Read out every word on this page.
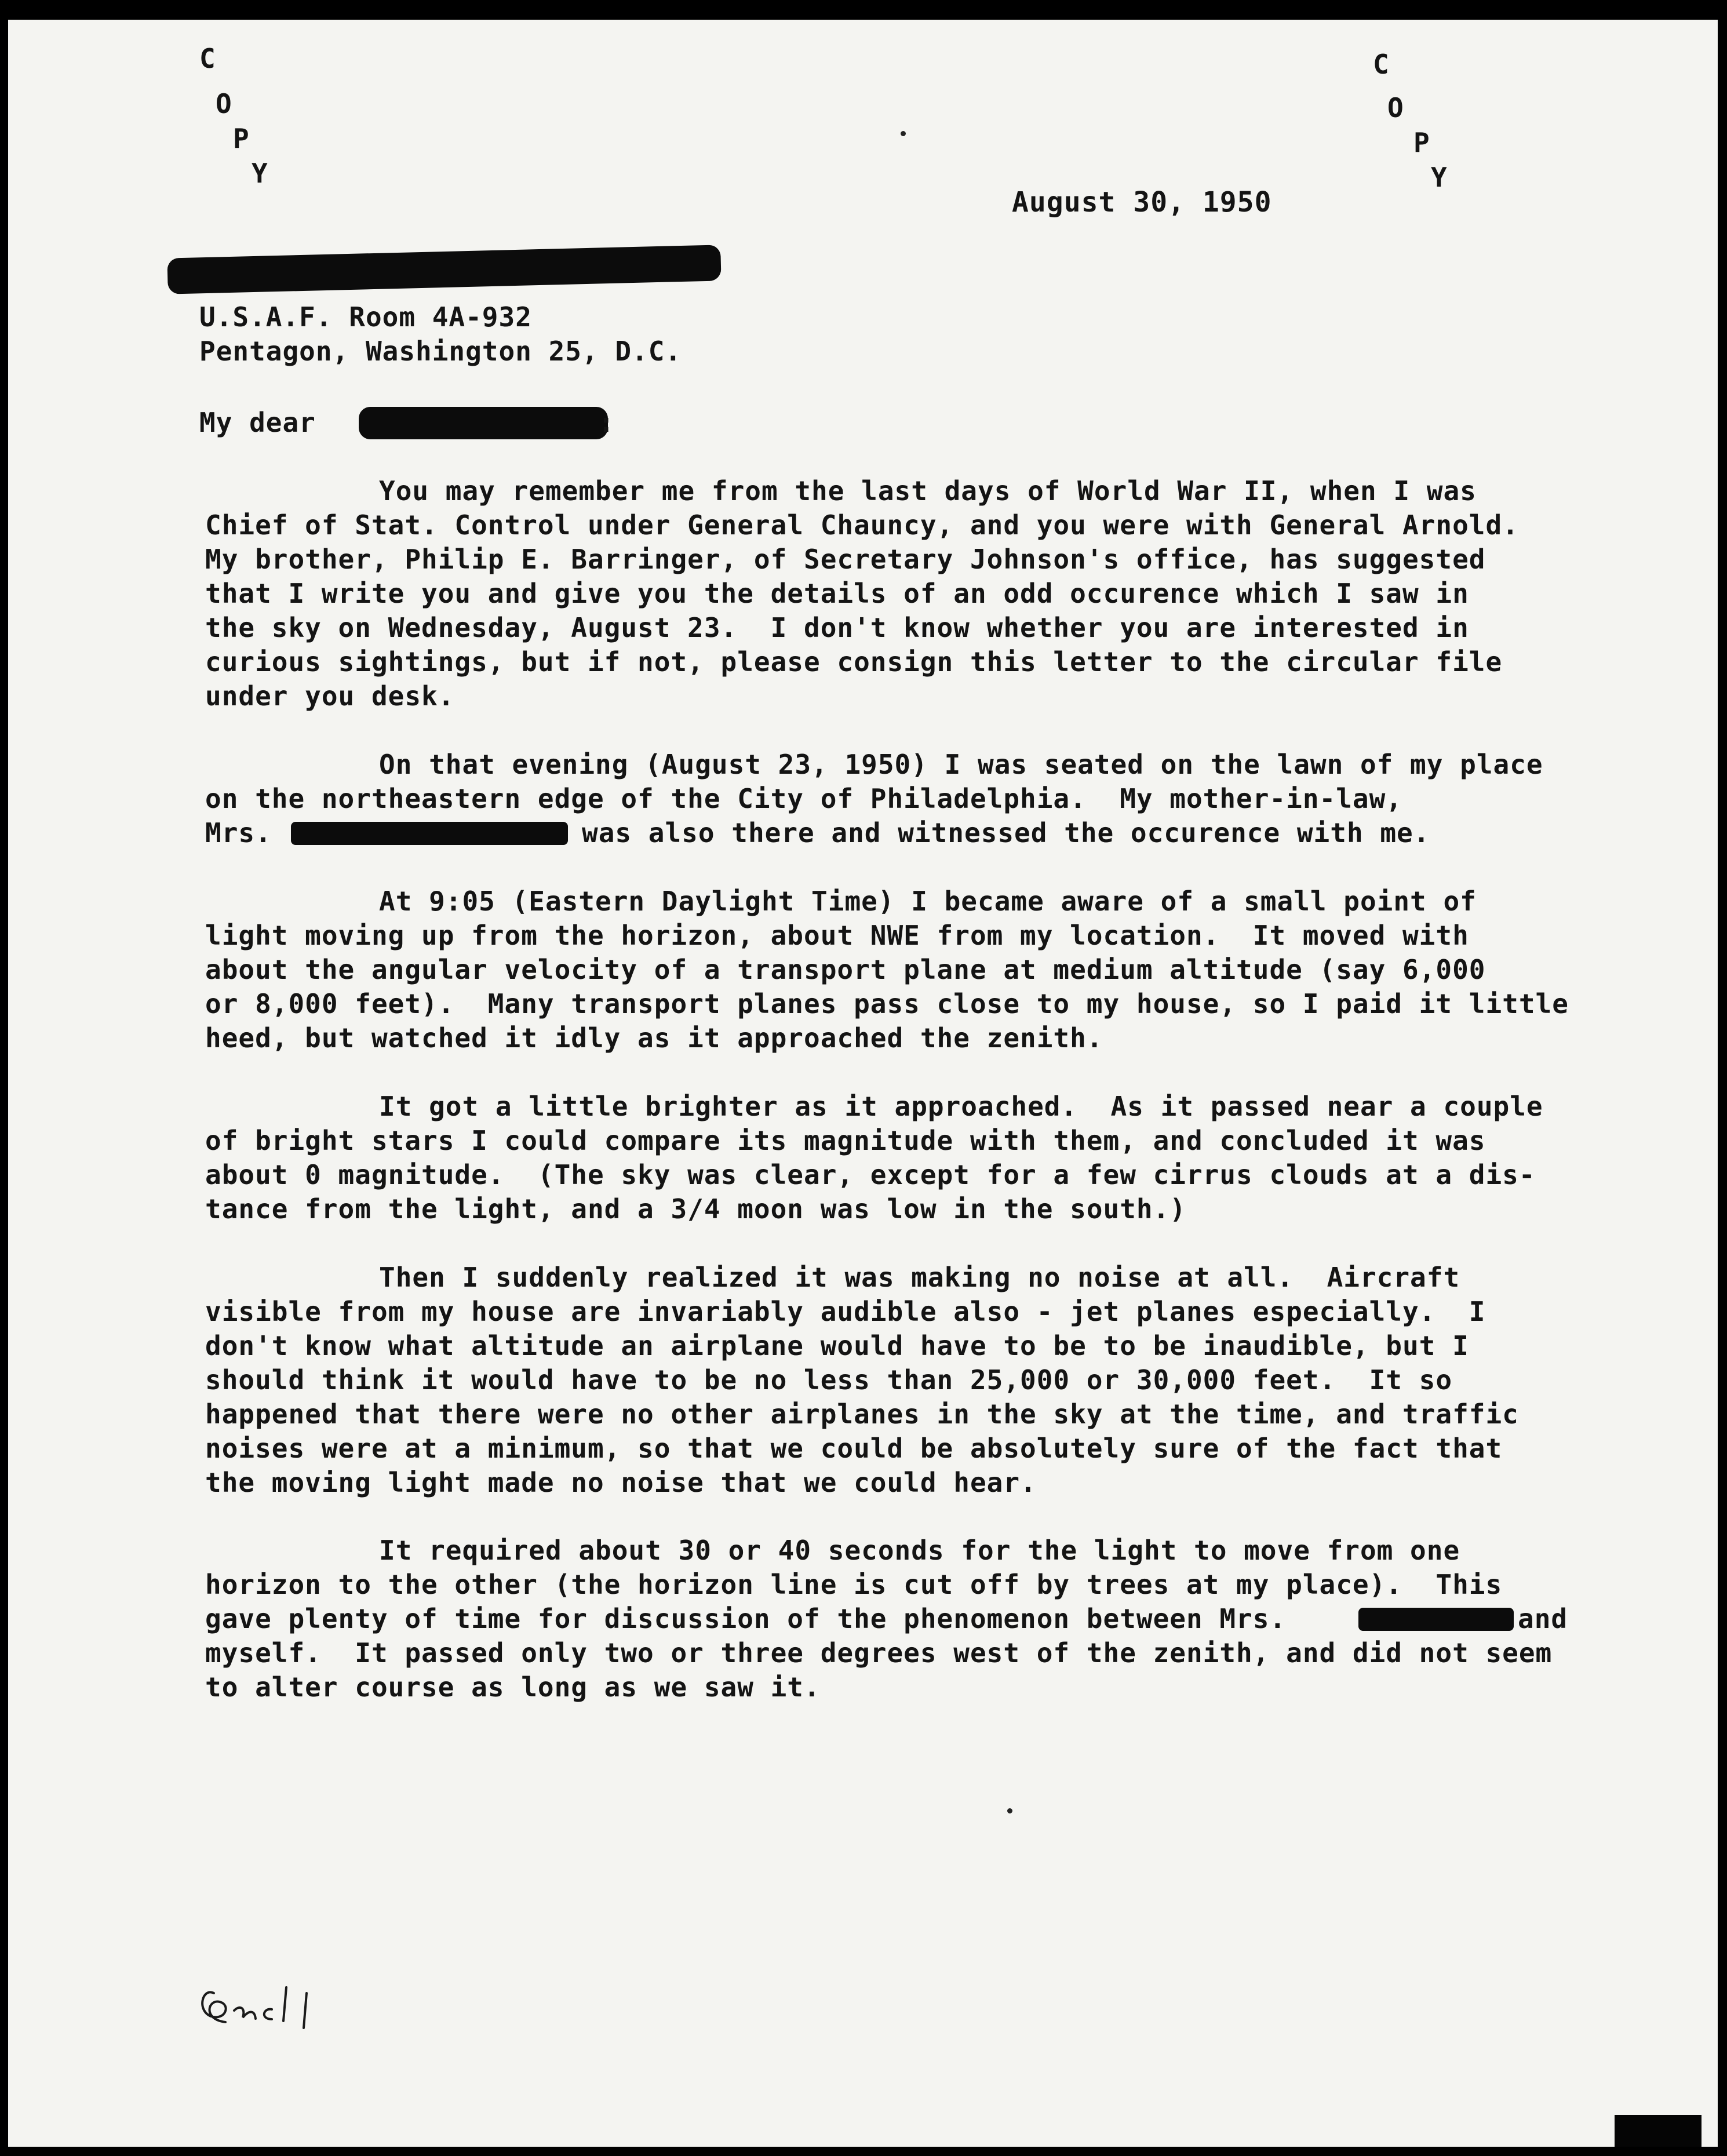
C
O
P
Y
C
O
P
Y
August 30, 1950
U.S.A.F. Room 4A-932
Pentagon, Washington 25, D.C.
My dear	:
You may remember me from the last days of World War II, when I was
Chief of Stat. Control under General Chauncy, and you were with General Arnold.
My brother, Philip E. Barringer, of Secretary Johnson's office, has suggested
that I write you and give you the details of an odd occurence which I saw in
the sky on Wednesday, August 23.  I don't know whether you are interested in
curious sightings, but if not, please consign this letter to the circular file
under you desk.
On that evening (August 23, 1950) I was seated on the lawn of my place
on the northeastern edge of the City of Philadelphia.  My mother-in-law,
Mrs.	was also there and witnessed the occurence with me.
At 9:05 (Eastern Daylight Time) I became aware of a small point of
light moving up from the horizon, about NWE from my location.  It moved with
about the angular velocity of a transport plane at medium altitude (say 6,000
or 8,000 feet).  Many transport planes pass close to my house, so I paid it little
heed, but watched it idly as it approached the zenith.
It got a little brighter as it approached.  As it passed near a couple
of bright stars I could compare its magnitude with them, and concluded it was
about 0 magnitude.  (The sky was clear, except for a few cirrus clouds at a dis-
tance from the light, and a 3/4 moon was low in the south.)
Then I suddenly realized it was making no noise at all.  Aircraft
visible from my house are invariably audible also - jet planes especially.  I
don't know what altitude an airplane would have to be to be inaudible, but I
should think it would have to be no less than 25,000 or 30,000 feet.  It so
happened that there were no other airplanes in the sky at the time, and traffic
noises were at a minimum, so that we could be absolutely sure of the fact that
the moving light made no noise that we could hear.
It required about 30 or 40 seconds for the light to move from one
horizon to the other (the horizon line is cut off by trees at my place).  This
gave plenty of time for discussion of the phenomenon between Mrs.	and
myself.  It passed only two or three degrees west of the zenith, and did not seem
to alter course as long as we saw it.
